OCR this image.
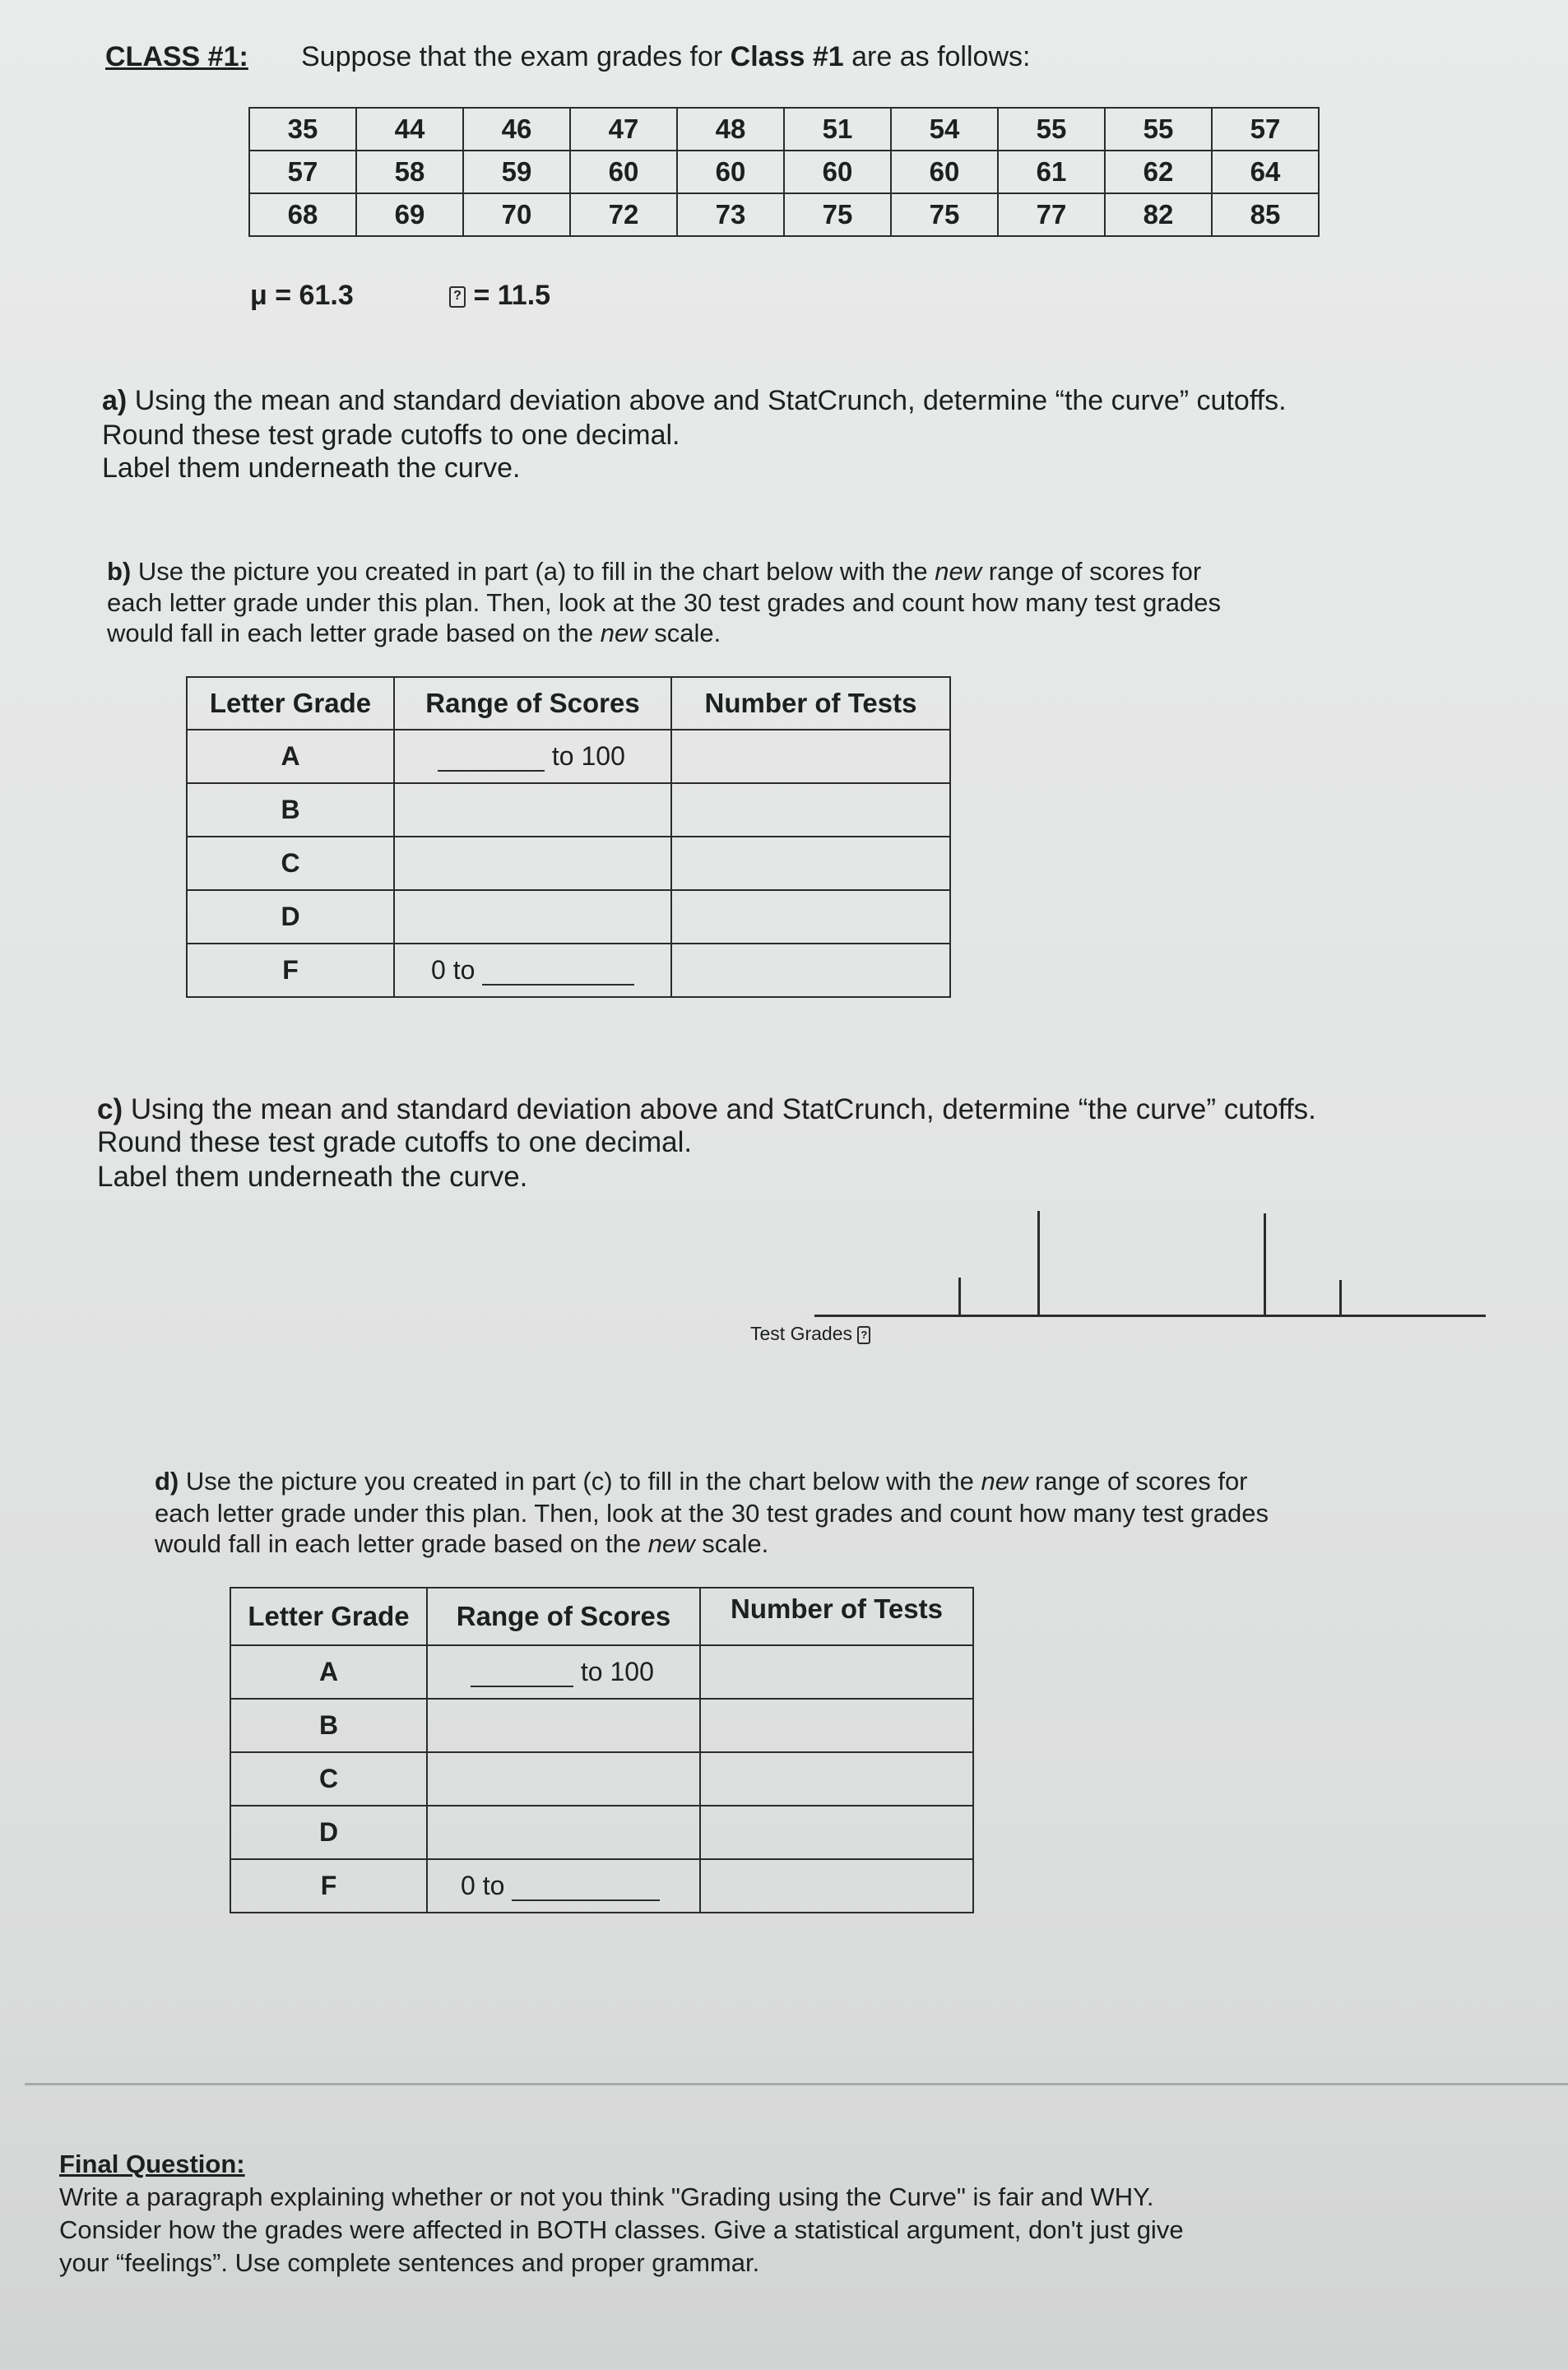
CLASS #1: Suppose that the exam grades for Class #1 are as follows:
35	44	46	47	48	51	54	55	55	57
57	58	59	60	60	60	60	61	62	64
68	69	70	72	73	75	75	77	82	85
μ = 61.3	? = 11.5
a) Using the mean and standard deviation above and StatCrunch, determine “the curve” cutoffs.
Round these test grade cutoffs to one decimal.
Label them underneath the curve.
b) Use the picture you created in part (a) to fill in the chart below with the new range of scores for
each letter grade under this plan. Then, look at the 30 test grades and count how many test grades
would fall in each letter grade based on the new scale.
Letter Grade	Range of Scores	Number of Tests
A	to 100	
B		
C		
D		
F	0 to	
c) Using the mean and standard deviation above and StatCrunch, determine “the curve” cutoffs.
Round these test grade cutoffs to one decimal.
Label them underneath the curve.
Test Grades ?
d) Use the picture you created in part (c) to fill in the chart below with the new range of scores for
each letter grade under this plan. Then, look at the 30 test grades and count how many test grades
would fall in each letter grade based on the new scale.
Letter Grade	Range of Scores	Number of Tests
A	to 100	
B		
C		
D		
F	0 to	
Final Question:
Write a paragraph explaining whether or not you think "Grading using the Curve" is fair and WHY.
Consider how the grades were affected in BOTH classes. Give a statistical argument, don't just give
your “feelings”. Use complete sentences and proper grammar.
